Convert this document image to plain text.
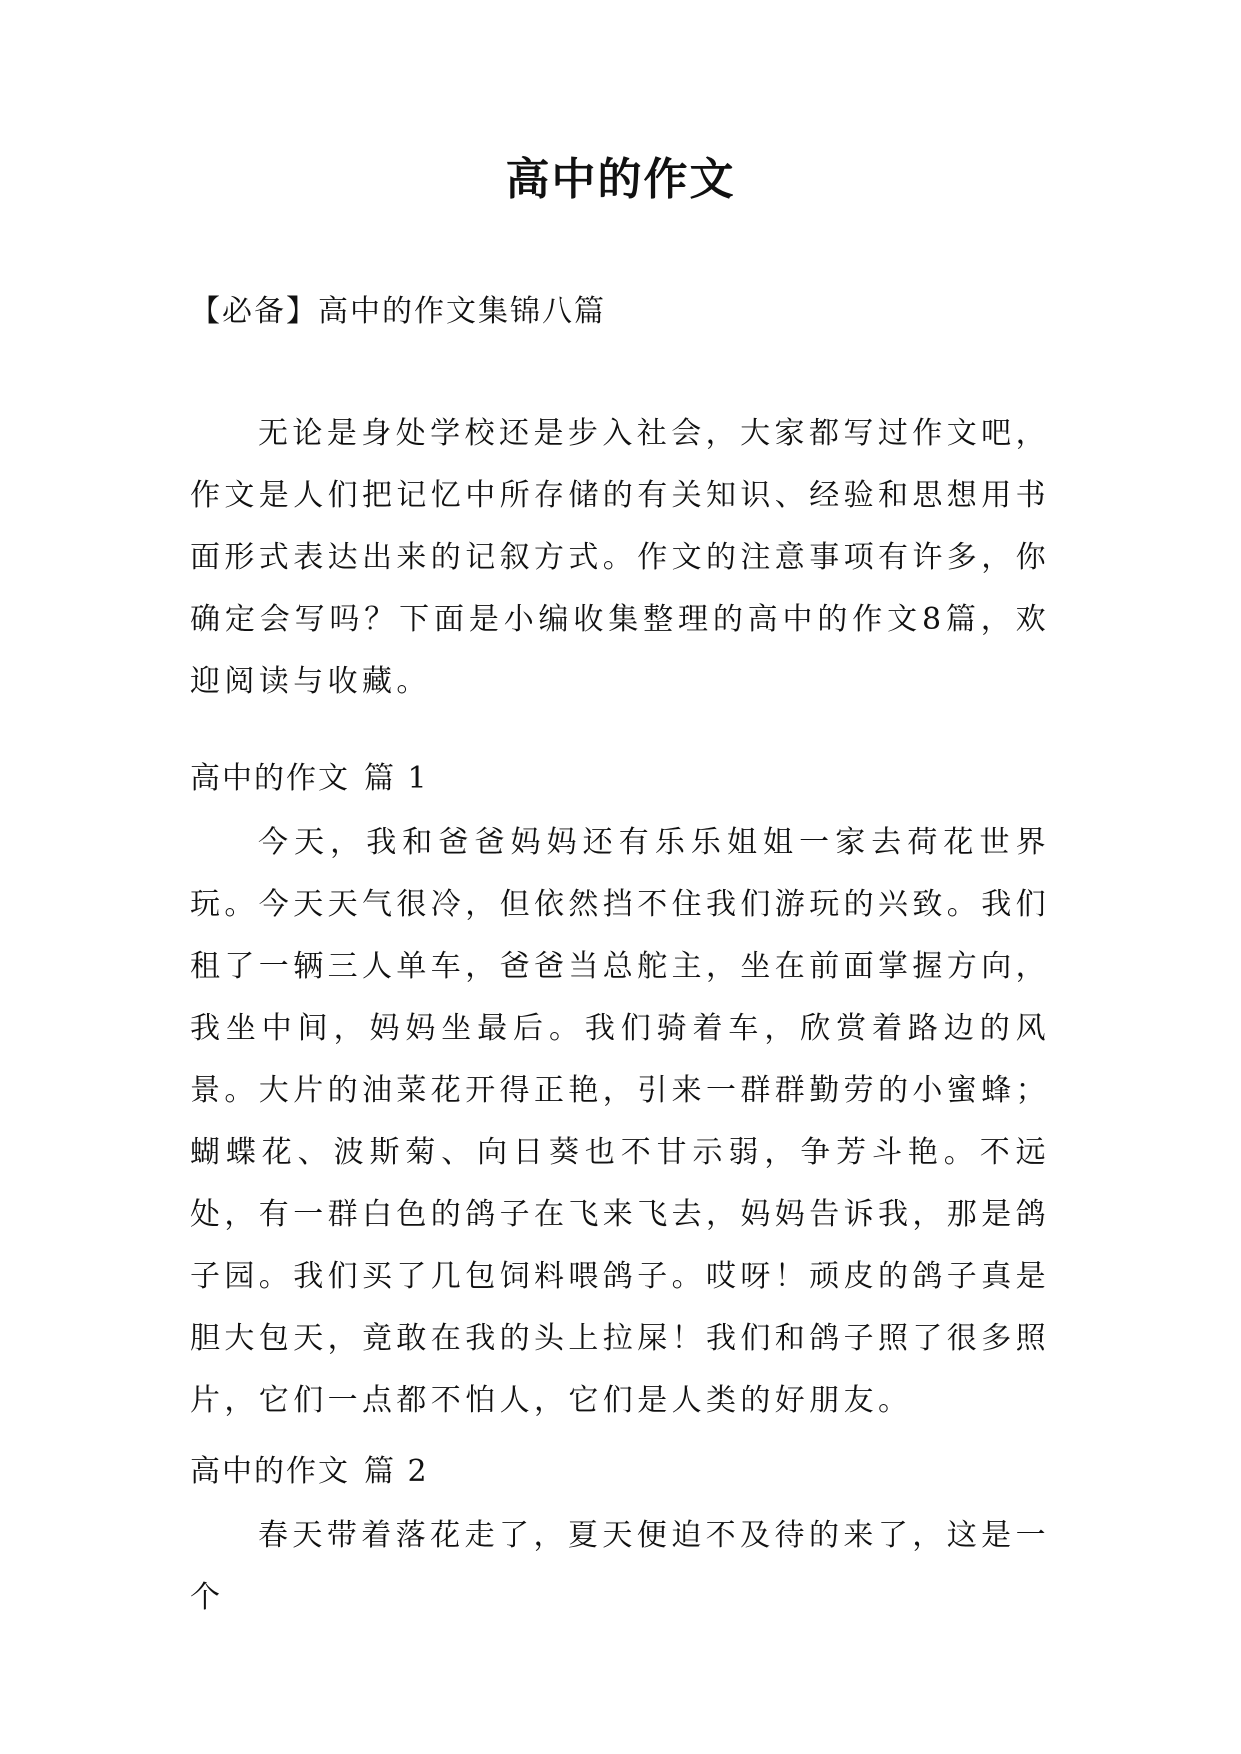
高中的作文

【必备】高中的作文集锦八篇

无论是身处学校还是步入社会，大家都写过作文吧，作文是人们把记忆中所存储的有关知识、经验和思想用书面形式表达出来的记叙方式。作文的注意事项有许多，你确定会写吗？下面是小编收集整理的高中的作文8篇，欢迎阅读与收藏。

高中的作文 篇 1

今天，我和爸爸妈妈还有乐乐姐姐一家去荷花世界玩。今天天气很冷，但依然挡不住我们游玩的兴致。我们租了一辆三人单车，爸爸当总舵主，坐在前面掌握方向，我坐中间，妈妈坐最后。我们骑着车，欣赏着路边的风景。大片的油菜花开得正艳，引来一群群勤劳的小蜜蜂；蝴蝶花、波斯菊、向日葵也不甘示弱，争芳斗艳。不远处，有一群白色的鸽子在飞来飞去，妈妈告诉我，那是鸽子园。我们买了几包饲料喂鸽子。哎呀！顽皮的鸽子真是胆大包天，竟敢在我的头上拉屎！我们和鸽子照了很多照片，它们一点都不怕人，它们是人类的好朋友。

高中的作文 篇 2

春天带着落花走了，夏天便迫不及待的来了，这是一个
